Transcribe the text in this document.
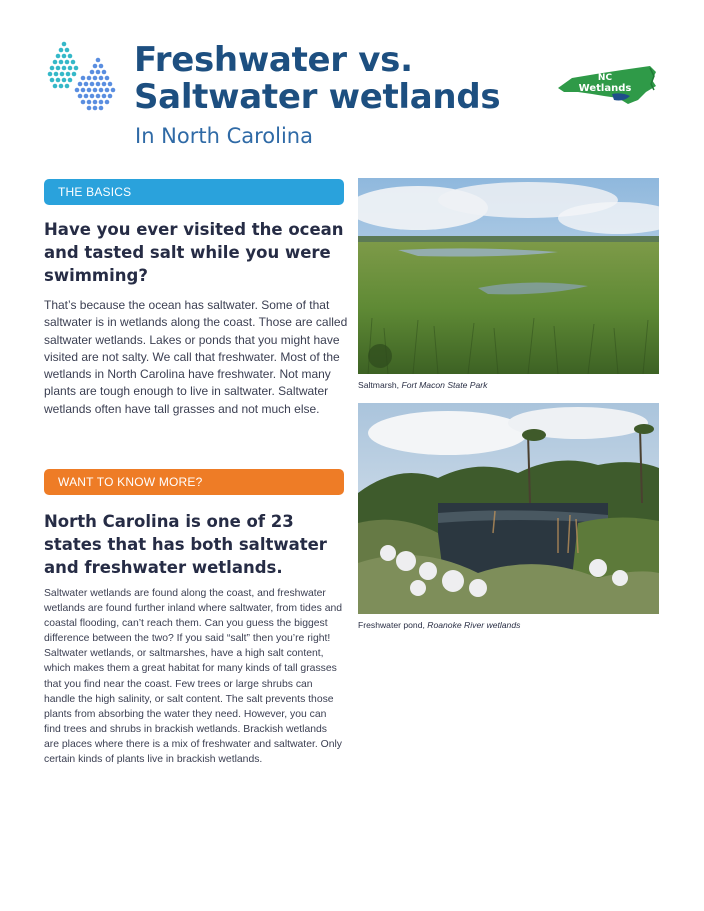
Freshwater vs.
Saltwater wetlands

In North Carolina

NC
Wetlands
THE BASICS
Have you ever visited the ocean and tasted salt while you were swimming?

That’s because the ocean has saltwater. Some of that saltwater is in wetlands along the coast. Those are called saltwater wetlands. Lakes or ponds that you might have visited are not salty. We call that freshwater. Most of the wetlands in North Carolina have freshwater. Not many plants are tough enough to live in saltwater. Saltwater wetlands often have tall grasses and not much else.

WANT TO KNOW MORE?
North Carolina is one of 23 states that has both saltwater and freshwater wetlands.

Saltwater wetlands are found along the coast, and freshwater wetlands are found further inland where saltwater, from tides and coastal flooding, can’t reach them. Can you guess the biggest difference between the two? If you said “salt” then you’re right! Saltwater wetlands, or saltmarshes, have a high salt content, which makes them a great habitat for many kinds of tall grasses that you find near the coast. Few trees or large shrubs can handle the high salinity, or salt content. The salt prevents those plants from absorbing the water they need. However, you can find trees and shrubs in brackish wetlands. Brackish wetlands are places where there is a mix of freshwater and saltwater. Only certain kinds of plants live in brackish wetlands.

Saltmarsh, Fort Macon State Park

Freshwater pond, Roanoke River wetlands
